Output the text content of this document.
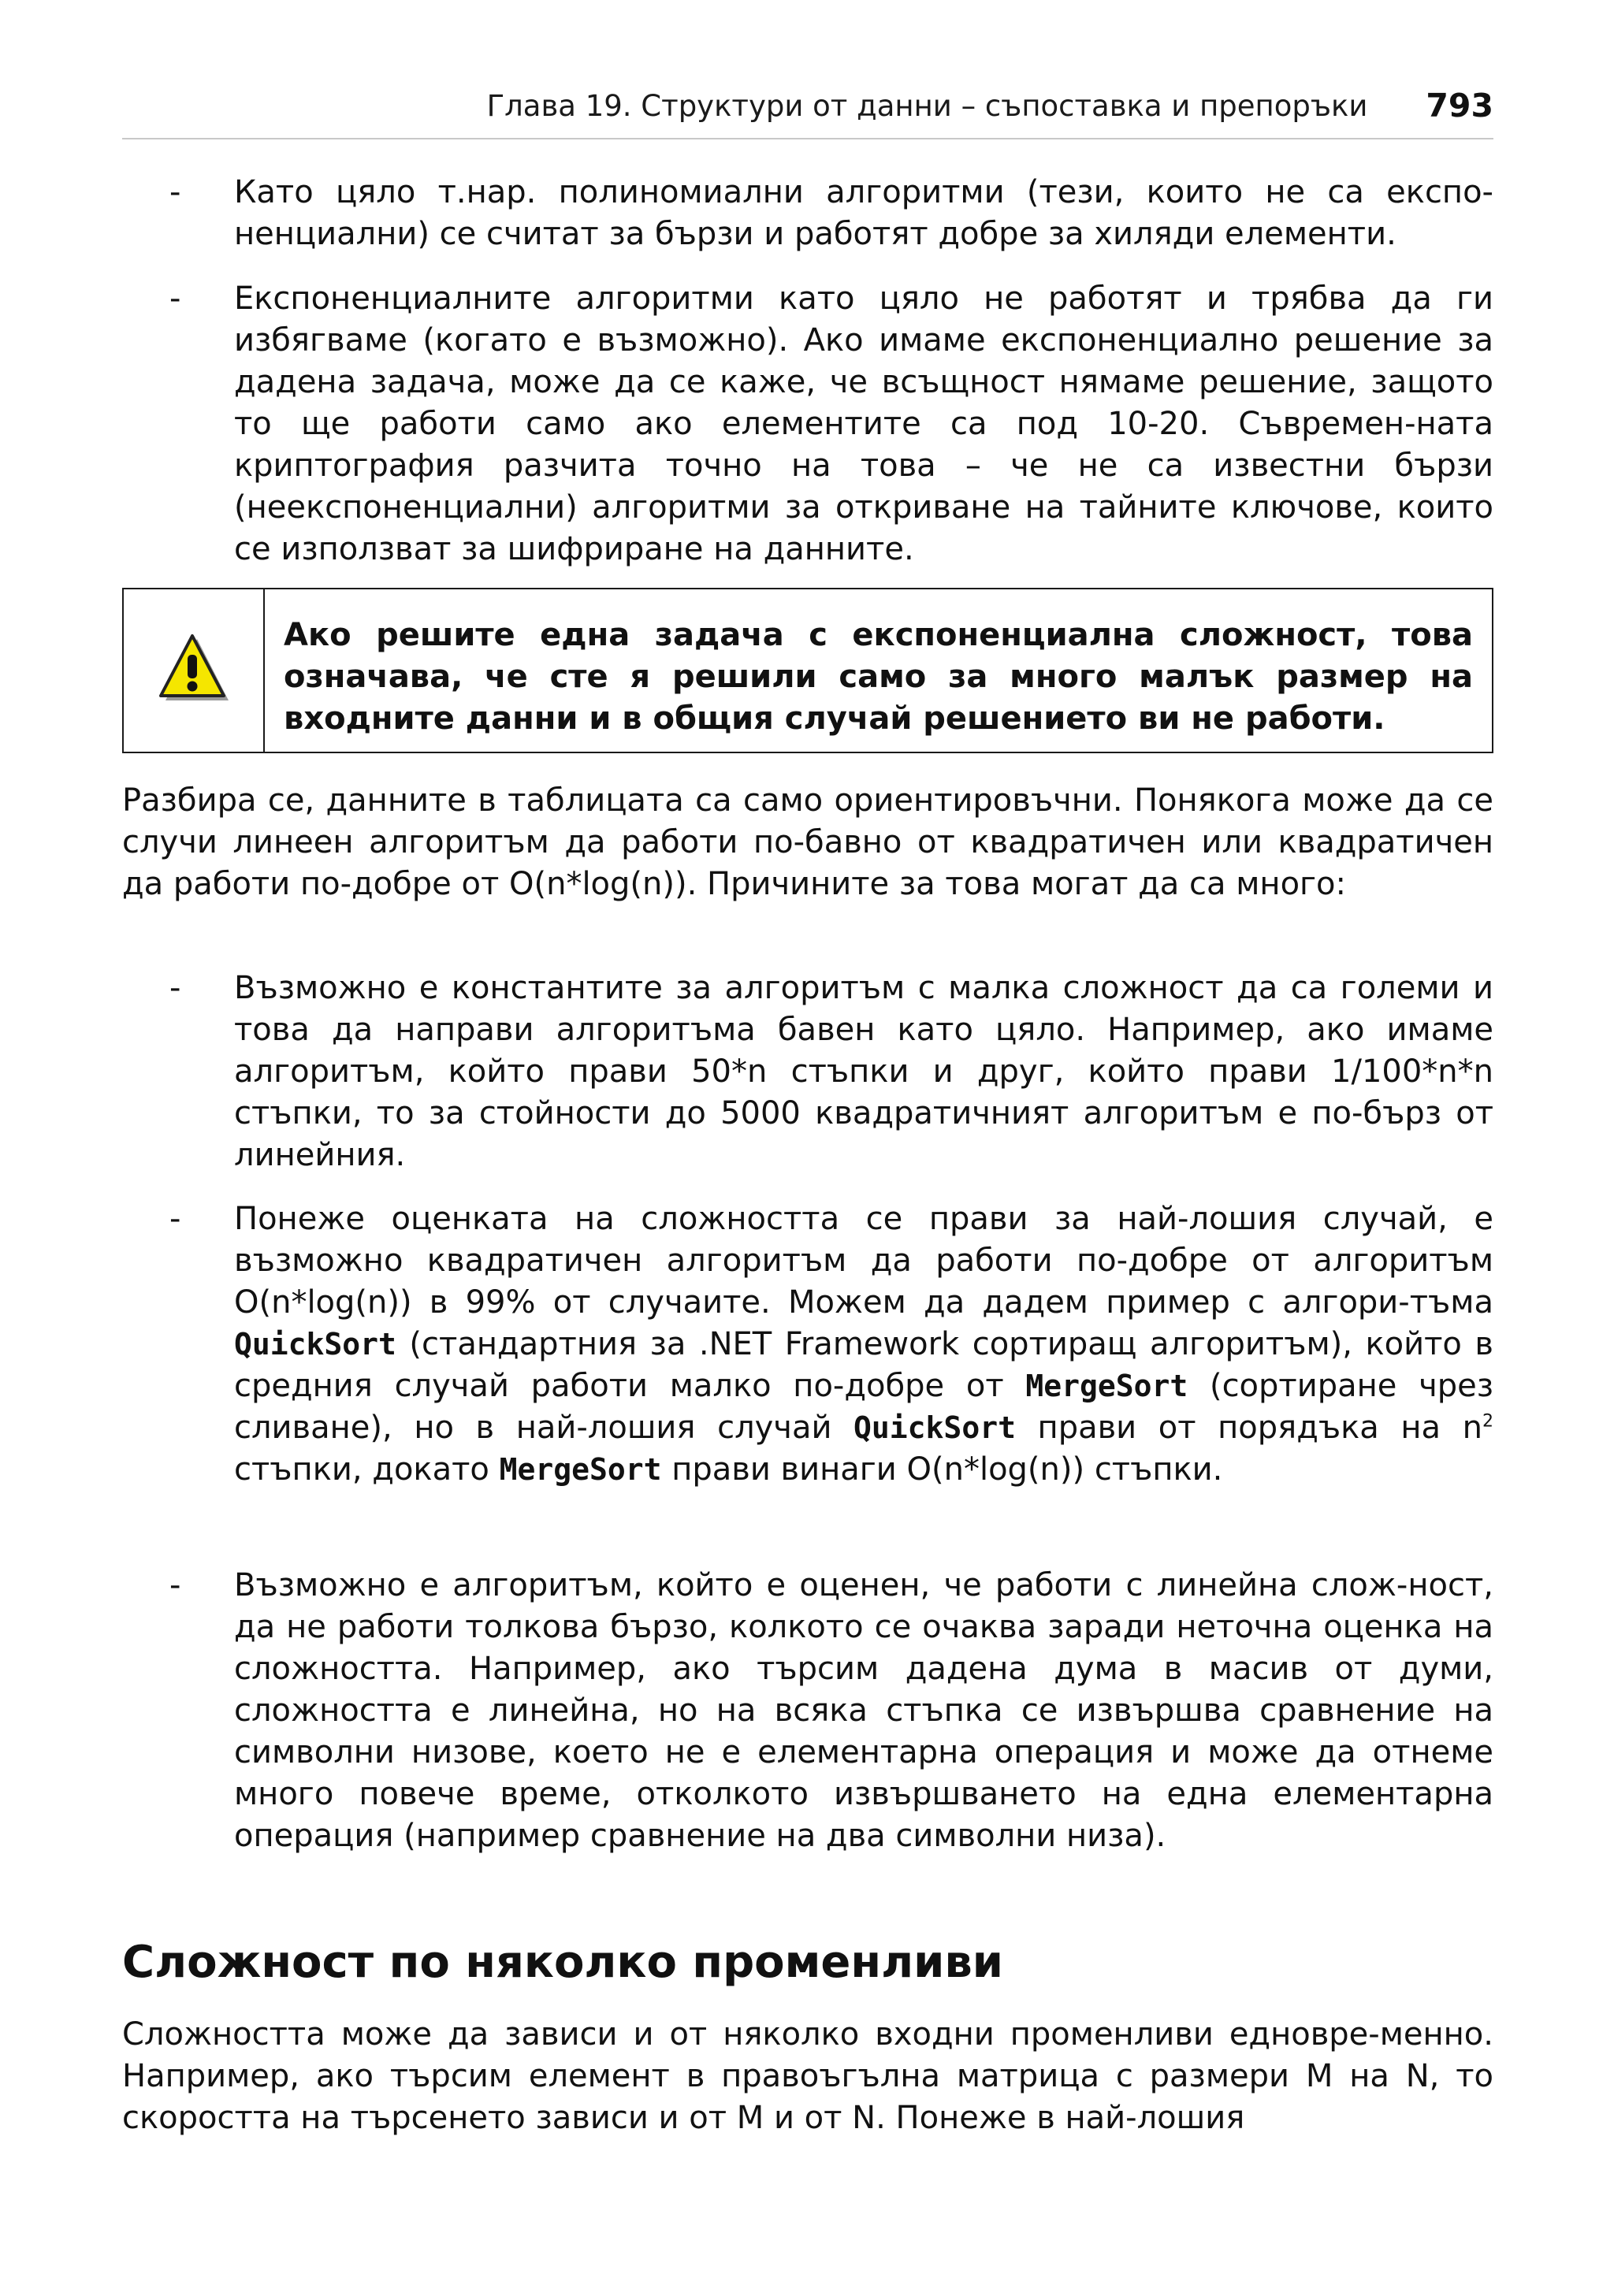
Глава 19. Структури от данни – съпоставка и препоръки 793
- Като цяло т.нар. полиномиални алгоритми (тези, които не са експо-ненциални) се считат за бързи и работят добре за хиляди елементи.

- Експоненциалните алгоритми като цяло не работят и трябва да ги избягваме (когато е възможно). Ако имаме експоненциално решение за дадена задача, може да се каже, че всъщност нямаме решение, защото то ще работи само ако елементите са под 10-20. Съвремен-ната криптография разчита точно на това – че не са известни бързи (неекспоненциални) алгоритми за откриване на тайните ключове, които се използват за шифриране на данните.

Ако решите една задача с експоненциална сложност, това означава, че сте я решили само за много малък размер на входните данни и в общия случай решението ви не работи.

Разбира се, данните в таблицата са само ориентировъчни. Понякога може да се случи линеен алгоритъм да работи по-бавно от квадратичен или квадратичен да работи по-добре от O(n*log(n)). Причините за това могат да са много:

- Възможно е константите за алгоритъм с малка сложност да са големи и това да направи алгоритъма бавен като цяло. Например, ако имаме алгоритъм, който прави 50*n стъпки и друг, който прави 1/100*n*n стъпки, то за стойности до 5000 квадратичният алгоритъм е по-бърз от линейния.

- Понеже оценката на сложността се прави за най-лошия случай, е възможно квадратичен алгоритъм да работи по-добре от алгоритъм O(n*log(n)) в 99% от случаите. Можем да дадем пример с алгори-тъма QuickSort (стандартния за .NET Framework сортиращ алгоритъм), който в средния случай работи малко по-добре от MergeSort (сортиране чрез сливане), но в най-лошия случай QuickSort прави от порядъка на $n^2$ стъпки, докато MergeSort прави винаги O(n*log(n)) стъпки.

- Възможно е алгоритъм, който е оценен, че работи с линейна слож-ност, да не работи толкова бързо, колкото се очаква заради неточна оценка на сложността. Например, ако търсим дадена дума в масив от думи, сложността е линейна, но на всяка стъпка се извършва сравнение на символни низове, което не е елементарна операция и може да отнеме много повече време, отколкото извършването на една елементарна операция (например сравнение на два символни низа).

Сложност по няколко променливи

Сложността може да зависи и от няколко входни променливи едновре-менно. Например, ако търсим елемент в правоъгълна матрица с размери M на N, то скоростта на търсенето зависи и от M и от N. Понеже в най-лошия
